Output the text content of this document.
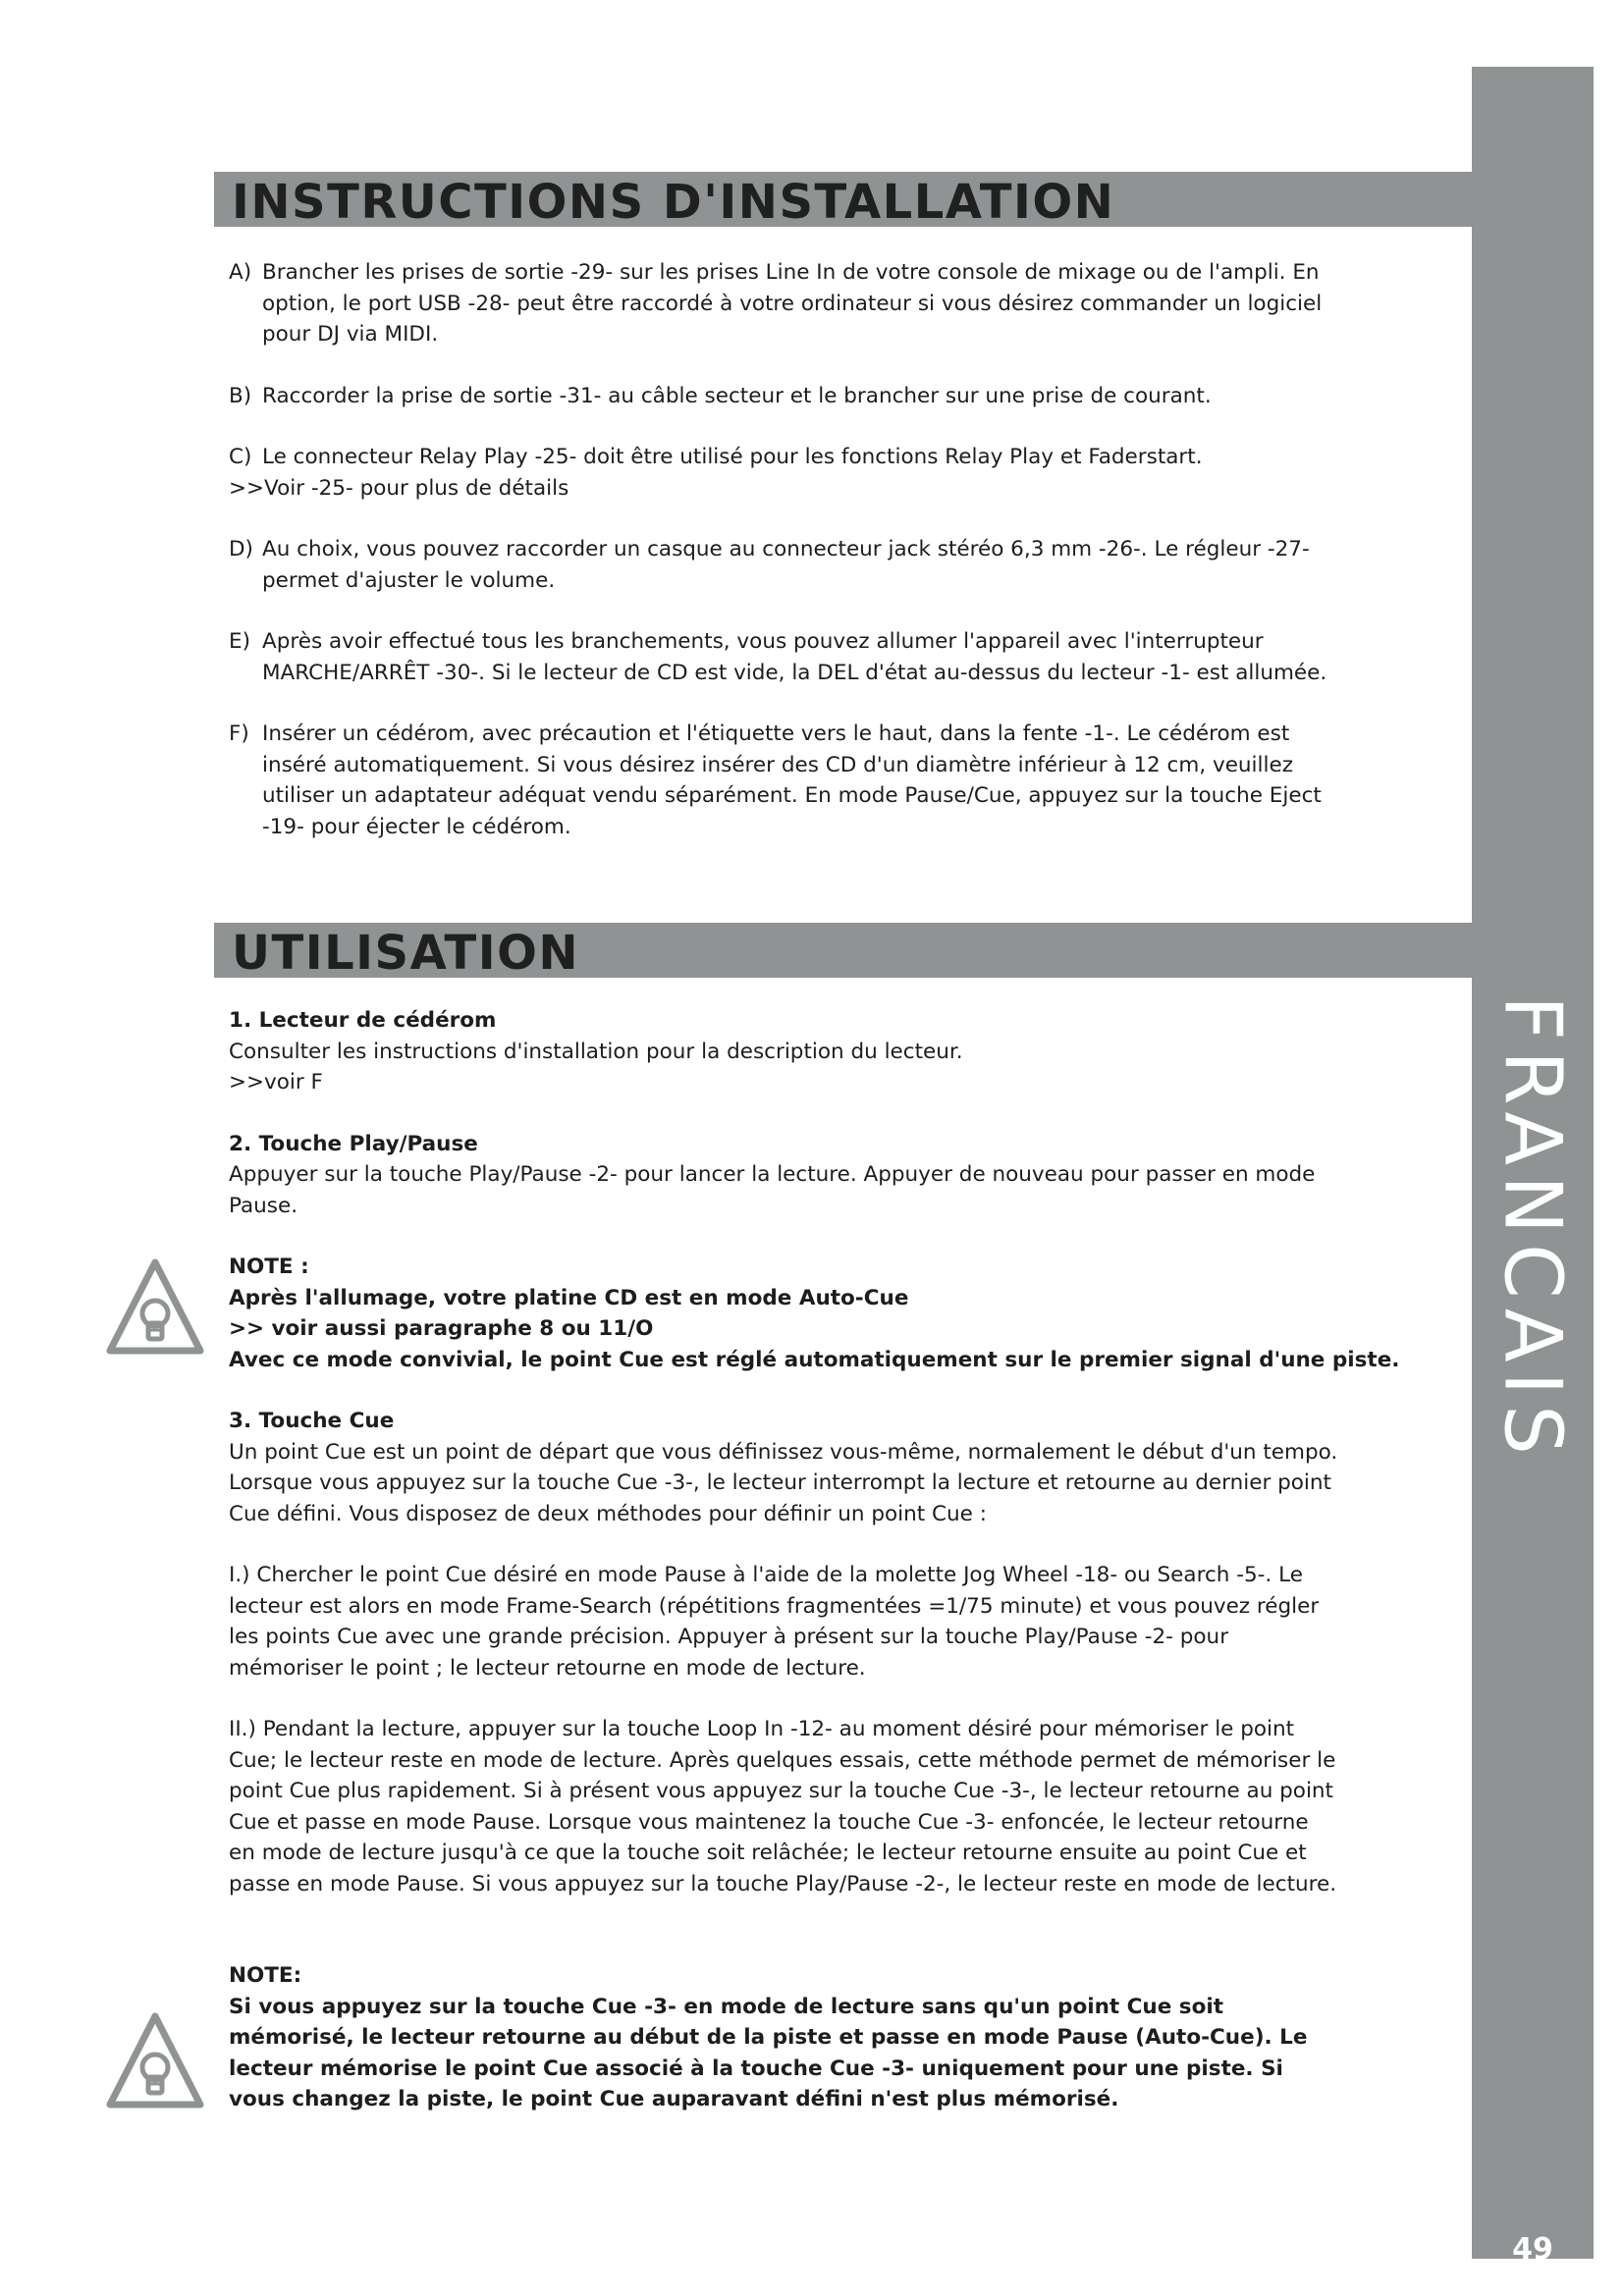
FRANCAIS
49
INSTRUCTIONS D'INSTALLATION
A) Brancher les prises de sortie -29- sur les prises Line In de votre console de mixage ou de l'ampli. En option, le port USB -28- peut être raccordé à votre ordinateur si vous désirez commander un logiciel pour DJ via MIDI.
B) Raccorder la prise de sortie -31- au câble secteur et le brancher sur une prise de courant.
C) Le connecteur Relay Play -25- doit être utilisé pour les fonctions Relay Play et Faderstart.
>>Voir -25- pour plus de détails
D) Au choix, vous pouvez raccorder un casque au connecteur jack stéréo 6,3 mm -26-. Le régleur -27- permet d'ajuster le volume.
E) Après avoir effectué tous les branchements, vous pouvez allumer l'appareil avec l'interrupteur MARCHE/ARRÊT -30-. Si le lecteur de CD est vide, la DEL d'état au-dessus du lecteur -1- est allumée.
F) Insérer un cédérom, avec précaution et l'étiquette vers le haut, dans la fente -1-. Le cédérom est inséré automatiquement. Si vous désirez insérer des CD d'un diamètre inférieur à 12 cm, veuillez utiliser un adaptateur adéquat vendu séparément. En mode Pause/Cue, appuyez sur la touche Eject -19- pour éjecter le cédérom.
UTILISATION
1. Lecteur de cédérom
Consulter les instructions d'installation pour la description du lecteur.
>>voir F
2. Touche Play/Pause
Appuyer sur la touche Play/Pause -2- pour lancer la lecture. Appuyer de nouveau pour passer en mode Pause.
NOTE :
Après l'allumage, votre platine CD est en mode Auto-Cue
>> voir aussi paragraphe 8 ou 11/O
Avec ce mode convivial, le point Cue est réglé automatiquement sur le premier signal d'une piste.
3. Touche Cue
Un point Cue est un point de départ que vous définissez vous-même, normalement le début d'un tempo. Lorsque vous appuyez sur la touche Cue -3-, le lecteur interrompt la lecture et retourne au dernier point Cue défini. Vous disposez de deux méthodes pour définir un point Cue :
I.) Chercher le point Cue désiré en mode Pause à l'aide de la molette Jog Wheel -18- ou Search -5-. Le lecteur est alors en mode Frame-Search (répétitions fragmentées =1/75 minute) et vous pouvez régler les points Cue avec une grande précision. Appuyer à présent sur la touche Play/Pause -2- pour mémoriser le point ; le lecteur retourne en mode de lecture.
II.) Pendant la lecture, appuyer sur la touche Loop In -12- au moment désiré pour mémoriser le point Cue; le lecteur reste en mode de lecture. Après quelques essais, cette méthode permet de mémoriser le point Cue plus rapidement. Si à présent vous appuyez sur la touche Cue -3-, le lecteur retourne au point Cue et passe en mode Pause. Lorsque vous maintenez la touche Cue -3- enfoncée, le lecteur retourne en mode de lecture jusqu'à ce que la touche soit relâchée; le lecteur retourne ensuite au point Cue et passe en mode Pause. Si vous appuyez sur la touche Play/Pause -2-, le lecteur reste en mode de lecture.
NOTE:
Si vous appuyez sur la touche Cue -3- en mode de lecture sans qu'un point Cue soit mémorisé, le lecteur retourne au début de la piste et passe en mode Pause (Auto-Cue). Le lecteur mémorise le point Cue associé à la touche Cue -3- uniquement pour une piste. Si vous changez la piste, le point Cue auparavant défini n'est plus mémorisé.
